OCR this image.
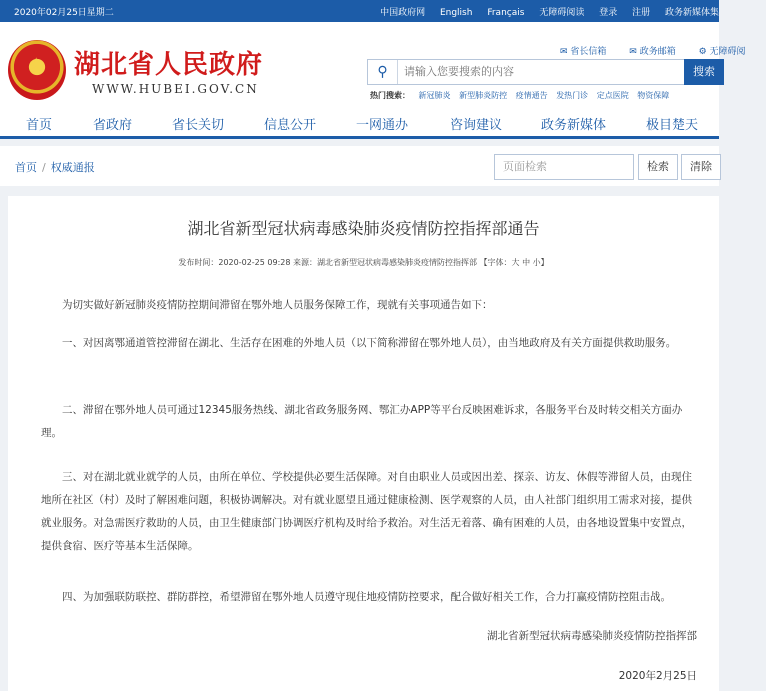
2020年02月25日星期二	中国政府网 English Français 无障碍阅读 登录 注册 政务新媒体集
★
湖北省人民政府
WWW.HUBEI.GOV.CN
✉ 省长信箱	✉ 政务邮箱	⚙ 无障碍阅
⚲
请输入您要搜索的内容	搜索
热门搜索： 新冠肺炎 新型肺炎防控 疫情通告 发热门诊 定点医院 物资保障
首页	省政府	省长关切	信息公开	一网通办	咨询建议	政务新媒体	极目楚天
首页 / 权威通报	页面检索	检索	清除
湖北省新型冠状病毒感染肺炎疫情防控指挥部通告
发布时间：2020-02-25 09:28 来源：湖北省新型冠状病毒感染肺炎疫情防控指挥部 【字体：大 中 小】

为切实做好新冠肺炎疫情防控期间滞留在鄂外地人员服务保障工作，现就有关事项通告如下：

一、对因离鄂通道管控滞留在湖北、生活存在困难的外地人员（以下简称滞留在鄂外地人员），由当地政府及有关方面提供救助服务。

二、滞留在鄂外地人员可通过12345服务热线、湖北省政务服务网、鄂汇办APP等平台反映困难诉求，各服务平台及时转交相关方面办理。

三、对在湖北就业就学的人员，由所在单位、学校提供必要生活保障。对自由职业人员或因出差、探亲、访友、休假等滞留人员，由现住地所在社区（村）及时了解困难问题，积极协调解决。对有就业愿望且通过健康检测、医学观察的人员，由人社部门组织用工需求对接，提供就业服务。对急需医疗救助的人员，由卫生健康部门协调医疗机构及时给予救治。对生活无着落、确有困难的人员，由各地设置集中安置点，提供食宿、医疗等基本生活保障。

四、为加强联防联控、群防群控，希望滞留在鄂外地人员遵守现住地疫情防控要求，配合做好相关工作，合力打赢疫情防控阻击战。

湖北省新型冠状病毒感染肺炎疫情防控指挥部
2020年2月25日
